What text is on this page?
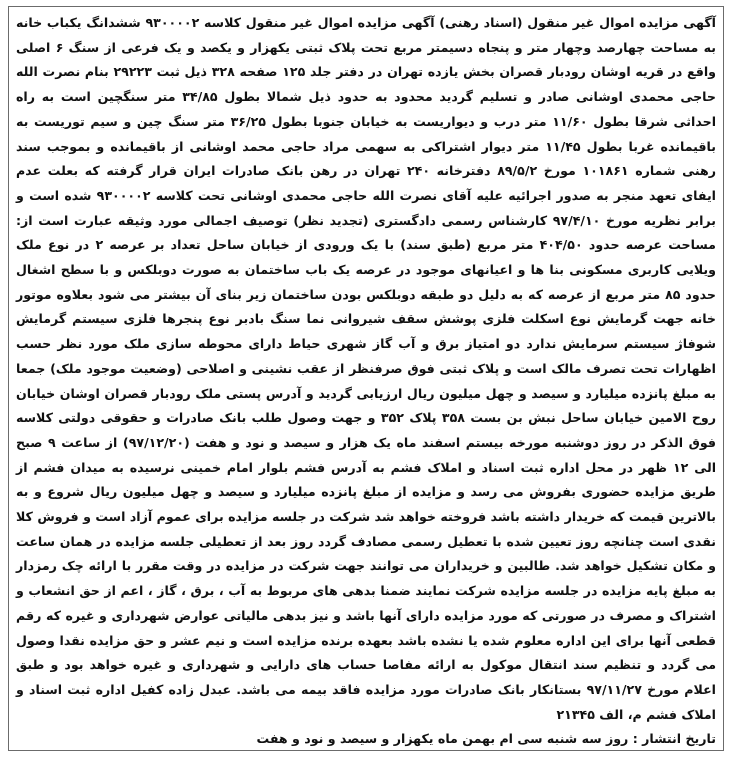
آگهی مزایده اموال غیر منقول (اسناد رهنی) آگهی مزایده اموال غیر منقول کلاسه ۹۳۰۰۰۰۲ ششدانگ یکباب خانه به مساحت چهارصد وچهار متر و پنجاه دسیمتر مربع تحت پلاک ثبتی یکهزار و یکصد و یک فرعی از سنگ ۶ اصلی واقع در قریه اوشان رودبار قصران بخش یازده تهران در دفتر جلد ۱۲۵ صفحه ۳۲۸ ذیل ثبت ۲۹۲۲۳ بنام نصرت الله حاجی محمدی اوشانی صادر و تسلیم گردید محدود به حدود ذیل شمالا بطول ۳۴/۸۵ متر سنگچین است به راه احداثی شرقا بطول ۱۱/۶۰ متر درب و دیواریست به خیابان جنوبا بطول ۳۶/۲۵ متر سنگ چین و سیم توریست به باقیمانده غربا بطول ۱۱/۴۵ متر دیوار اشتراکی به سهمی مراد حاجی محمد اوشانی از باقیمانده و بموجب سند رهنی شماره ۱۰۱۸۶۱ مورخ ۸۹/۵/۲ دفترخانه ۲۴۰ تهران در رهن بانک صادرات ایران قرار گرفته که بعلت عدم ایفای تعهد منجر به صدور اجرائیه علیه آقای نصرت الله حاجی محمدی اوشانی تحت کلاسه ۹۳۰۰۰۰۲ شده است و برابر نظریه مورخ ۹۷/۴/۱۰ کارشناس رسمی دادگستری (تجدید نظر) توصیف اجمالی مورد وثیقه عبارت است از: مساحت عرصه حدود ۴۰۴/۵۰ متر مربع (طبق سند) با یک ورودی از خیابان ساحل تعداد بر عرصه ۲ در نوع ملک ویلایی کاربری مسکونی بنا ها و اعیانهای موجود در عرصه یک باب ساختمان به صورت دوبلکس و با سطح اشغال حدود ۸۵ متر مربع از عرصه که به دلیل دو طبقه دوبلکس بودن ساختمان زیر بنای آن بیشتر می شود بعلاوه موتور خانه جهت گرمایش نوع اسکلت فلزی پوشش سقف شیروانی نما سنگ بادبر نوع پنجرها فلزی سیستم گرمایش شوفاژ سیستم سرمایش ندارد دو امتیاز برق و آب گاز شهری حیاط دارای محوطه سازی ملک مورد نظر حسب اظهارات تحت تصرف مالک است و پلاک ثبتی فوق صرفنظر از عقب نشینی و اصلاحی (وضعیت موجود ملک) جمعا به مبلغ پانزده میلیارد و سیصد و چهل میلیون ریال ارزیابی گردید و آدرس پستی ملک رودبار قصران اوشان خیابان روح الامین خیابان ساحل نبش بن بست ۳۵۸ پلاک ۳۵۲ و جهت وصول طلب بانک صادرات و حقوقی دولتی کلاسه فوق الذکر در روز دوشنبه مورخه بیستم اسفند ماه یک هزار و سیصد و نود و هفت (۹۷/۱۲/۲۰) از ساعت ۹ صبح الی ۱۲ ظهر در محل اداره ثبت اسناد و املاک فشم به آدرس فشم بلوار امام خمینی نرسیده به میدان فشم از طریق مزایده حضوری بفروش می رسد و مزایده از مبلغ پانزده میلیارد و سیصد و چهل میلیون ریال شروع و به بالاترین قیمت که خریدار داشته باشد فروخته خواهد شد شرکت در جلسه مزایده برای عموم آزاد است و فروش کلا نقدی است چنانچه روز تعیین شده با تعطیل رسمی مصادف گردد روز بعد از تعطیلی جلسه مزایده در همان ساعت و مکان تشکیل خواهد شد. طالبین و خریداران می توانند جهت شرکت در مزایده در وقت مقرر با ارائه چک رمزدار به مبلغ پایه مزایده در جلسه مزایده شرکت نمایند ضمنا بدهی های مربوط به آب ، برق ، گاز ، اعم از حق انشعاب و اشتراک و مصرف در صورتی که مورد مزایده دارای آنها باشد و نیز بدهی مالیاتی عوارض شهرداری و غیره که رقم قطعی آنها برای این اداره معلوم شده یا نشده باشد بعهده برنده مزایده است و نیم عشر و حق مزایده نقدا وصول می گردد و تنظیم سند انتقال موکول به ارائه مفاصا حساب های دارایی و شهرداری و غیره خواهد بود و طبق اعلام مورخ ۹۷/۱۱/۲۷ بستانکار بانک صادرات مورد مزایده فاقد بیمه می باشد. عبدل زاده کفیل اداره ثبت اسناد و املاک فشم م، الف ۲۱۳۴۵

تاریخ انتشار : روز سه شنبه سی ام بهمن ماه یکهزار و سیصد و نود و هفت
